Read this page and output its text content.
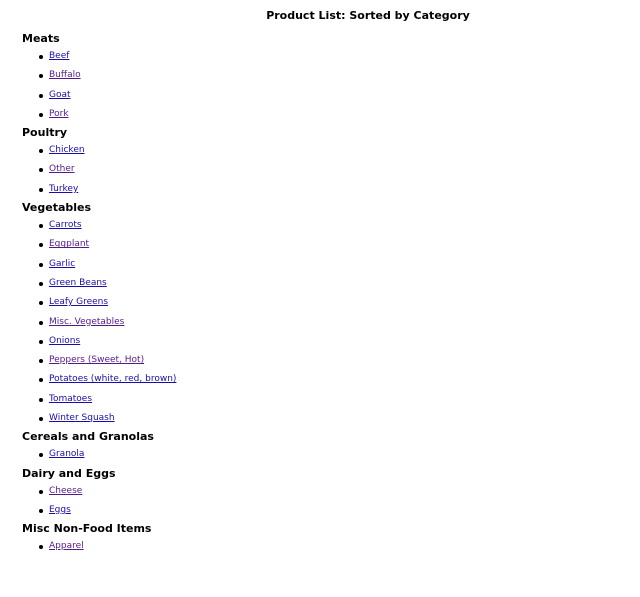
Product List: Sorted by Category
Meats
Beef
Buffalo
Goat
Pork
Poultry
Chicken
Other
Turkey
Vegetables
Carrots
Eggplant
Garlic
Green Beans
Leafy Greens
Misc. Vegetables
Onions
Peppers (Sweet, Hot)
Potatoes (white, red, brown)
Tomatoes
Winter Squash
Cereals and Granolas
Granola
Dairy and Eggs
Cheese
Eggs
Misc Non-Food Items
Apparel
